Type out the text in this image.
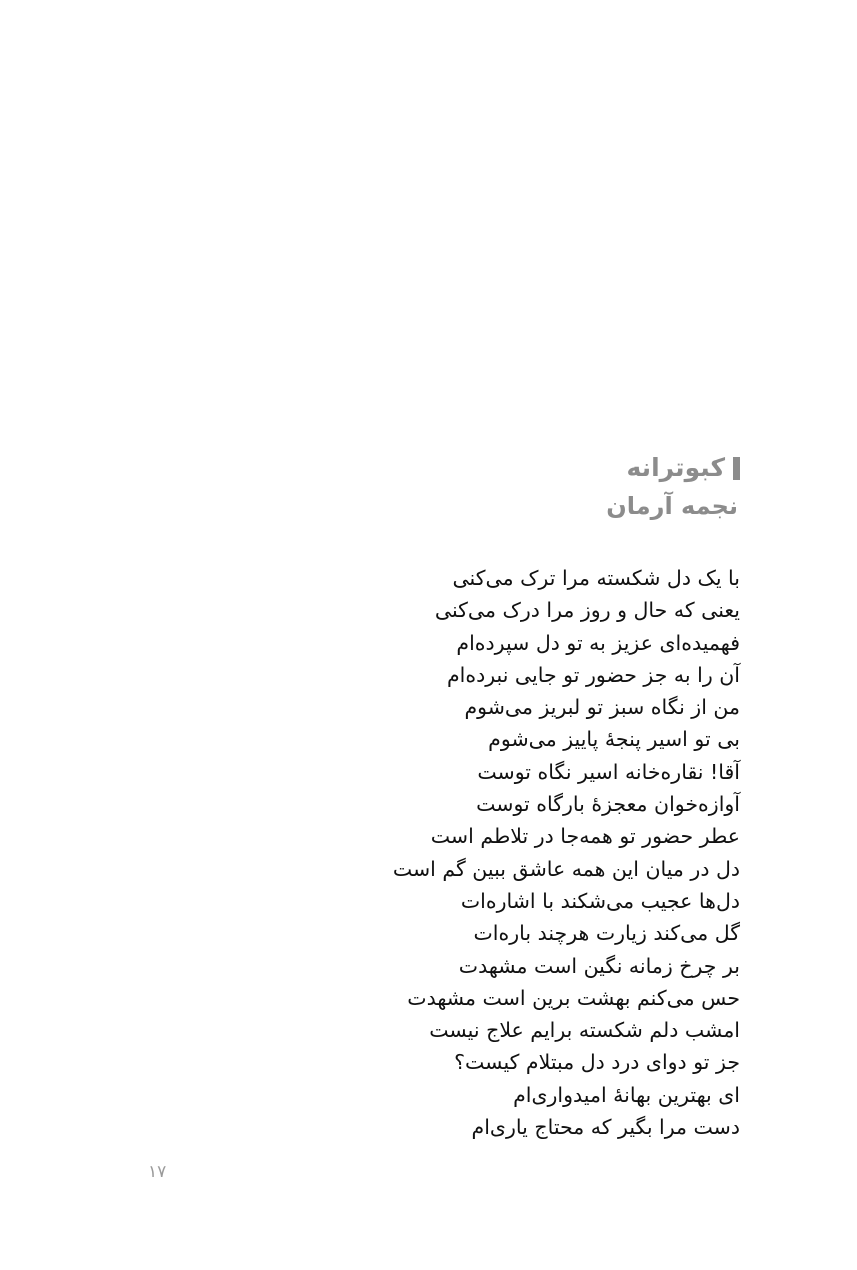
کبوترانه
نجمه آرمان
با یک دل شکسته مرا ترک می‌کنی
یعنی که حال و روز مرا درک می‌کنی
فهمیده‌ای عزیز به تو دل سپرده‌ام
آن را به جز حضور تو جایی نبرده‌ام
من از نگاه سبز تو لبریز می‌شوم
بی تو اسیر پنجهٔ پاییز می‌شوم
آقا! نقاره‌خانه اسیر نگاه توست
آوازه‌خوان معجزهٔ بارگاه توست
عطر حضور تو همه‌جا در تلاطم است
دل در میان این همه عاشق ببین گم است
دل‌ها عجیب می‌شکند با اشاره‌ات
گل می‌کند زیارت هرچند باره‌ات
بر چرخ زمانه نگین است مشهدت
حس می‌کنم بهشت برین است مشهدت
امشب دلم شکسته برایم علاج نیست
جز تو دوای درد دل مبتلام کیست؟
ای بهترین بهانهٔ امیدواری‌ام
دست مرا بگیر که محتاج یاری‌ام
۱۷
